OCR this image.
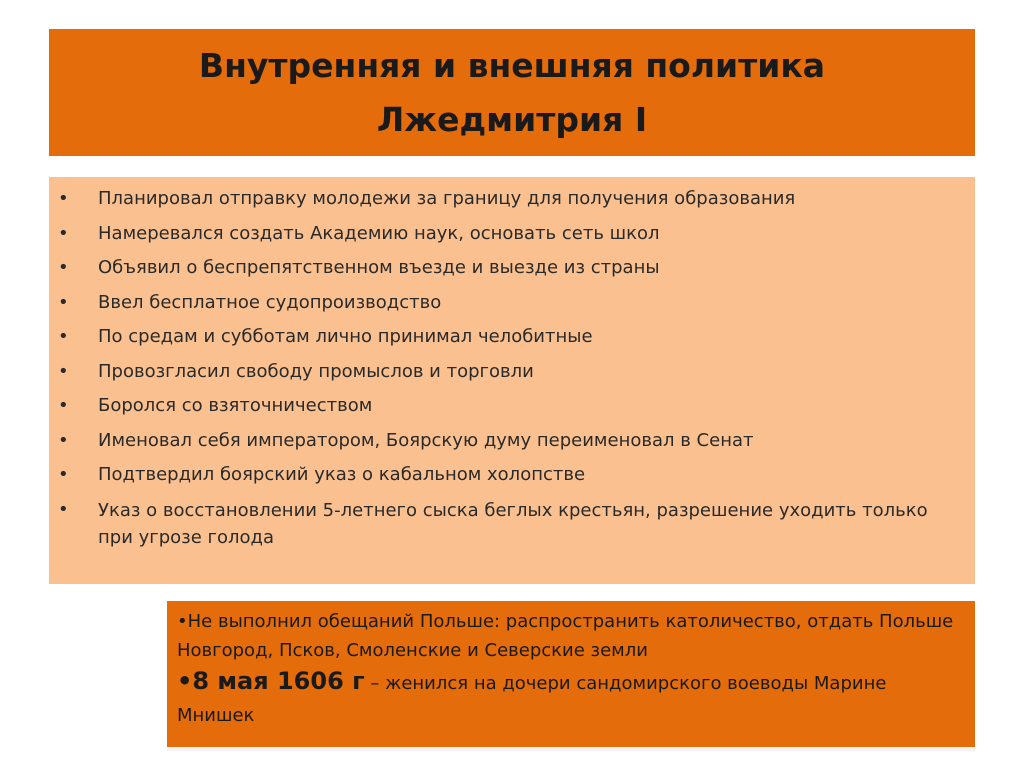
Внутренняя и внешняя политика
Лжедмитрия I
• Планировал отправку молодежи за границу для получения образования
• Намеревался создать Академию наук, основать сеть школ
• Объявил о беспрепятственном въезде и выезде из страны
• Ввел бесплатное судопроизводство
• По средам и субботам лично принимал челобитные
• Провозгласил свободу промыслов и торговли
• Боролся со взяточничеством
• Именовал себя императором, Боярскую думу переименовал в Сенат
• Подтвердил боярский указ о кабальном холопстве
• Указ о восстановлении 5-летнего сыска беглых крестьян, разрешение уходить только при угрозе голода

•Не выполнил обещаний Польше: распространить католичество, отдать Польше Новгород, Псков, Смоленские и Северские земли

•8 мая 1606 г – женился на дочери сандомирского воеводы Марине Мнишек
